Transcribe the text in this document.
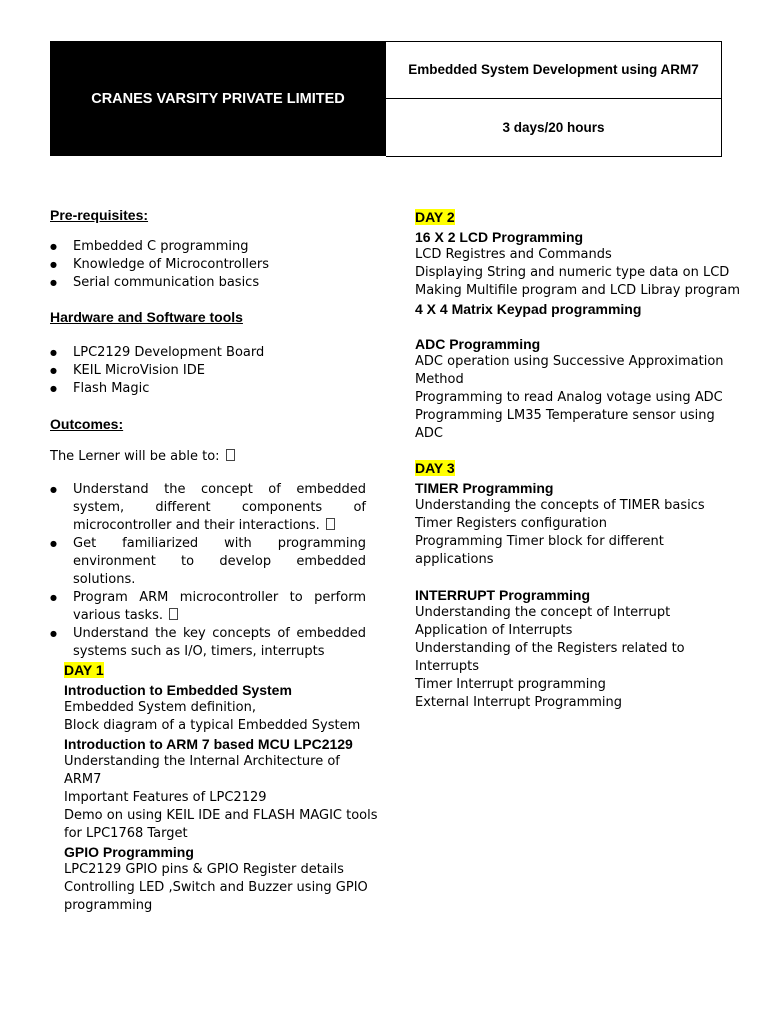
CRANES VARSITY PRIVATE LIMITED
Embedded System Development using ARM7
3 days/20 hours

Pre-requisites:

● Embedded C programming
● Knowledge of Microcontrollers
● Serial communication basics

Hardware and Software tools

● LPC2129 Development Board
● KEIL MicroVision IDE
● Flash Magic

Outcomes:

The Lerner will be able to:

● Understand the concept of embedded system, different components of microcontroller and their interactions.
● Get familiarized with programming environment to develop embedded solutions.
● Program ARM microcontroller to perform various tasks.
● Understand the key concepts of embedded systems such as I/O, timers, interrupts

DAY 1

Introduction to Embedded System

Embedded System definition,

Block diagram of a typical Embedded System

Introduction to ARM 7 based MCU LPC2129

Understanding the Internal Architecture of

ARM7

Important Features of LPC2129

Demo on using KEIL IDE and FLASH MAGIC tools

for LPC1768 Target

GPIO Programming

LPC2129 GPIO pins & GPIO Register details

Controlling LED ,Switch and Buzzer using GPIO

programming

DAY 2

16 X 2 LCD Programming

LCD Registres and Commands

Displaying String and numeric type data on LCD

Making Multifile program and LCD Libray program

4 X 4 Matrix Keypad programming

ADC Programming

ADC operation using Successive Approximation

Method

Programming to read Analog votage using ADC

Programming LM35 Temperature sensor using

ADC

DAY 3

TIMER Programming

Understanding the concepts of TIMER basics

Timer Registers configuration

Programming Timer block for different

applications

INTERRUPT Programming

Understanding the concept of Interrupt

Application of Interrupts

Understanding of the Registers related to

Interrupts

Timer Interrupt programming

External Interrupt Programming
